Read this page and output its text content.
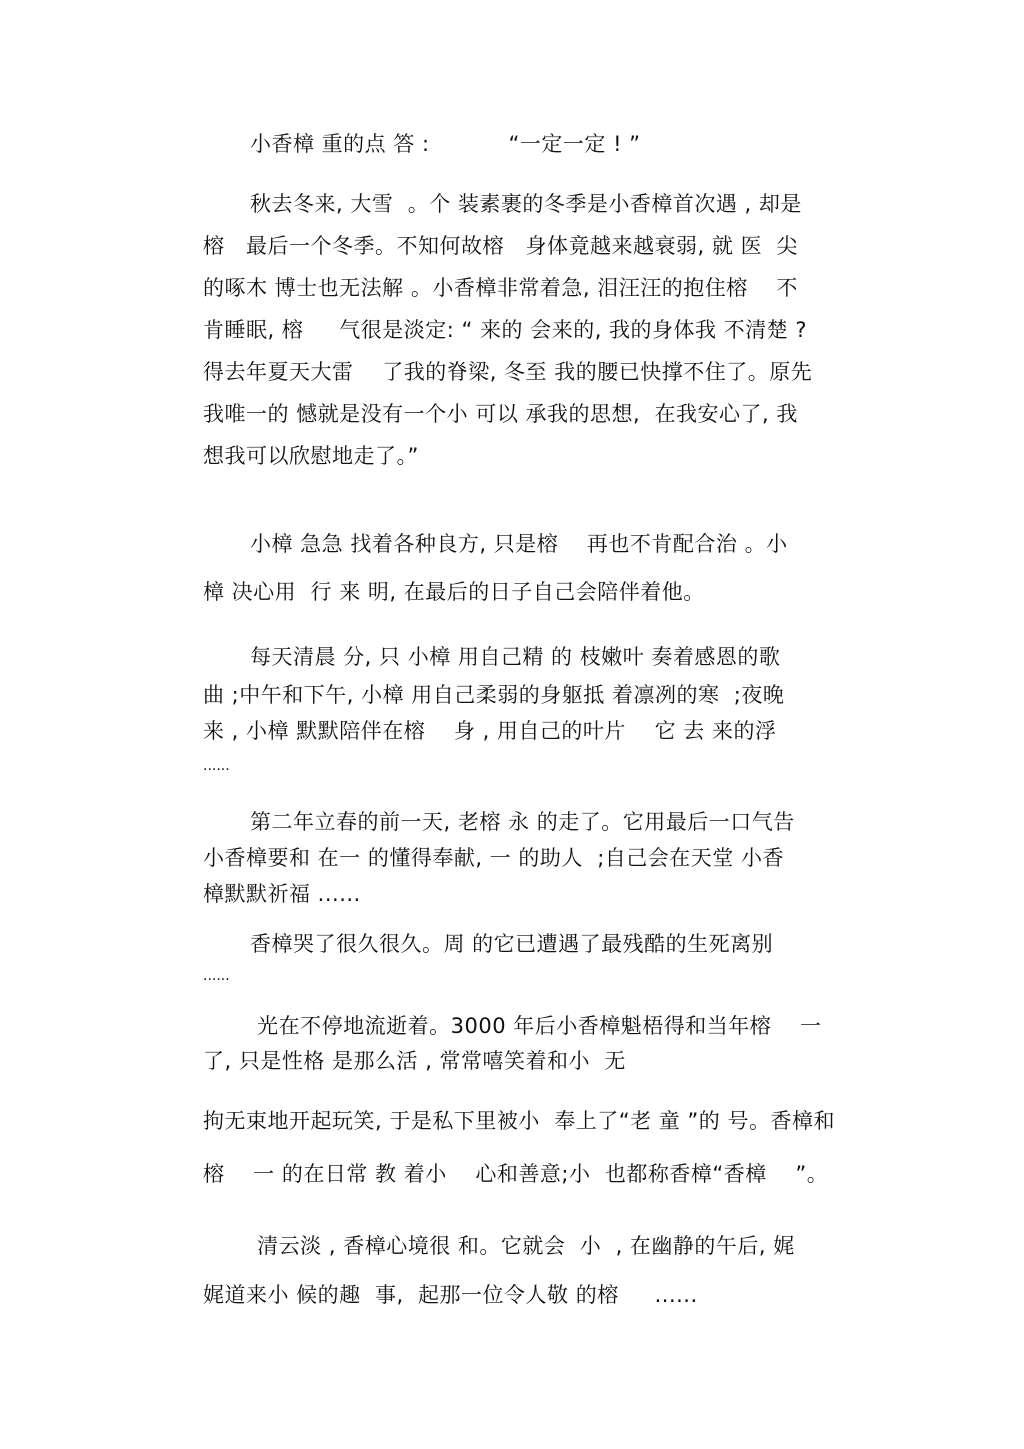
小香樟 重的点 答 :           “一定一定 ! ”
秋去冬来, 大雪  。个 装素裹的冬季是小香樟首次遇 , 却是
榕   最后一个冬季。不知何故榕   身体竟越来越衰弱, 就 医  尖
的啄木 博士也无法解 。小香樟非常着急, 泪汪汪的抱住榕    不
肯睡眠, 榕     气很是淡定: “ 来的 会来的, 我的身体我 不清楚 ?
得去年夏天大雷    了我的脊梁, 冬至 我的腰已快撑不住了。原先
我唯一的 憾就是没有一个小 可以 承我的思想,  在我安心了, 我
想我可以欣慰地走了。”
小樟 急急 找着各种良方, 只是榕    再也不肯配合治 。小
樟 决心用  行 来 明, 在最后的日子自己会陪伴着他。
每天清晨 分, 只 小樟 用自己精 的 枝嫩叶 奏着感恩的歌
曲 ;中午和下午, 小樟 用自己柔弱的身躯抵 着凛冽的寒  ;夜晚
来 , 小樟 默默陪伴在榕    身 , 用自己的叶片    它 去 来的浮
......
第二年立春的前一天, 老榕 永 的走了。它用最后一口气告
小香樟要和 在一 的懂得奉献, 一 的助人  ;自己会在天堂 小香
樟默默祈福 ......
香樟哭了很久很久。周 的它已遭遇了最残酷的生死离别
......
光在不停地流逝着。3000 年后小香樟魁梧得和当年榕    一
了, 只是性格 是那么活 , 常常嘻笑着和小  无
拘无束地开起玩笑, 于是私下里被小  奉上了“老 童 ”的 号。香樟和
榕    一 的在日常 教 着小    心和善意;小  也都称香樟“香樟    ”。
清云淡 , 香樟心境很 和。它就会  小  , 在幽静的午后, 娓
娓道来小 候的趣  事,  起那一位令人敬 的榕     ......
